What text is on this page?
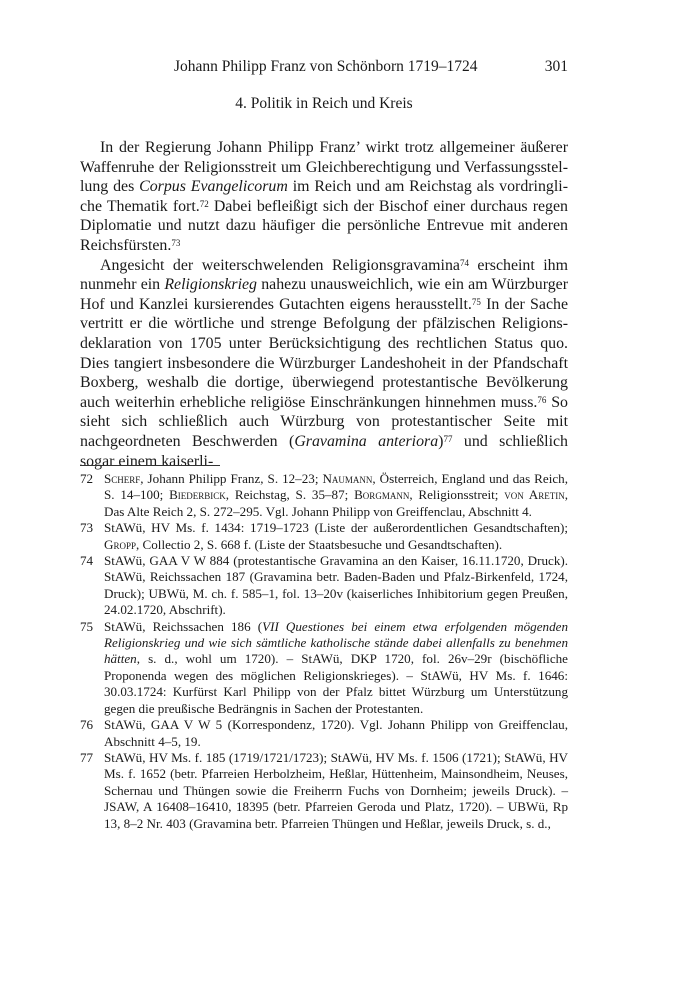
Johann Philipp Franz von Schönborn 1719–1724	301
4. Politik in Reich und Kreis

In der Regierung Johann Philipp Franz’ wirkt trotz allgemeiner äußerer Waffenruhe der Religionsstreit um Gleichberechtigung und Verfassungsstellung des Corpus Evangelicorum im Reich und am Reichstag als vordringliche Thematik fort.$^{72}$ Dabei befleißigt sich der Bischof einer durchaus regen Diplomatie und nutzt dazu häufiger die persönliche Entrevue mit anderen Reichsfürsten.$^{73}$

Angesicht der weiterschwelenden Religionsgravamina$^{74}$ erscheint ihm nunmehr ein Religionskrieg nahezu unausweichlich, wie ein am Würzburger Hof und Kanzlei kursierendes Gutachten eigens herausstellt.$^{75}$ In der Sache vertritt er die wörtliche und strenge Befolgung der pfälzischen Religionsdeklaration von 1705 unter Berücksichtigung des rechtlichen Status quo. Dies tangiert insbesondere die Würzburger Landeshoheit in der Pfandschaft Boxberg, weshalb die dortige, überwiegend protestantische Bevölkerung auch weiterhin erhebliche religiöse Einschränkungen hinnehmen muss.$^{76}$ So sieht sich schließlich auch Würzburg von protestantischer Seite mit nachgeordneten Beschwerden (Gravamina anteriora)$^{77}$ und schließlich sogar einem kaiserli-

72 Scherf, Johann Philipp Franz, S. 12–23; Naumann, Österreich, England und das Reich, S. 14–100; Biederbick, Reichstag, S. 35–87; Borgmann, Religionsstreit; von Aretin, Das Alte Reich 2, S. 272–295. Vgl. Johann Philipp von Greiffenclau, Abschnitt 4.
73 StAWü, HV Ms. f. 1434: 1719–1723 (Liste der außerordentlichen Gesandtschaften); Gropp, Collectio 2, S. 668 f. (Liste der Staatsbesuche und Gesandtschaften).
74 StAWü, GAA V W 884 (protestantische Gravamina an den Kaiser, 16.11.1720, Druck). StAWü, Reichssachen 187 (Gravamina betr. Baden-Baden und Pfalz-Birkenfeld, 1724, Druck); UBWü, M. ch. f. 585–1, fol. 13–20v (kaiserliches Inhibitorium gegen Preußen, 24.02.1720, Abschrift).
75 StAWü, Reichssachen 186 (VII Questiones bei einem etwa erfolgenden mögenden Religionskrieg und wie sich sämtliche katholische stände dabei allenfalls zu benehmen hätten, s. d., wohl um 1720). – StAWü, DKP 1720, fol. 26v–29r (bischöfliche Proponenda wegen des möglichen Religionskrieges). – StAWü, HV Ms. f. 1646: 30.03.1724: Kurfürst Karl Philipp von der Pfalz bittet Würzburg um Unterstützung gegen die preußische Bedrängnis in Sachen der Protestanten.
76 StAWü, GAA V W 5 (Korrespondenz, 1720). Vgl. Johann Philipp von Greiffenclau, Abschnitt 4–5, 19.
77 StAWü, HV Ms. f. 185 (1719/1721/1723); StAWü, HV Ms. f. 1506 (1721); StAWü, HV Ms. f. 1652 (betr. Pfarreien Herbolzheim, Heßlar, Hüttenheim, Mainsondheim, Neuses, Schernau und Thüngen sowie die Freiherrn Fuchs von Dornheim; jeweils Druck). – JSAW, A 16408–16410, 18395 (betr. Pfarreien Geroda und Platz, 1720). – UBWü, Rp 13, 8–2 Nr. 403 (Gravamina betr. Pfarreien Thüngen und Heßlar, jeweils Druck, s. d.,
